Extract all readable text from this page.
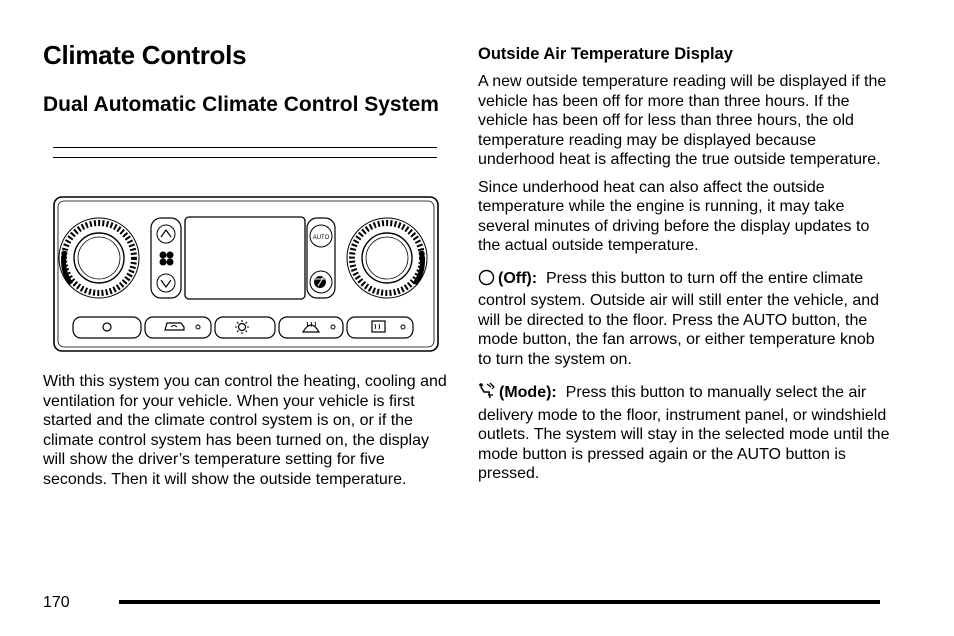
Climate Controls
Dual Automatic Climate Control System
AUTO

With this system you can control the heating, cooling and ventilation for your vehicle. When your vehicle is first started and the climate control system is on, or if the climate control system has been turned on, the display will show the driver’s temperature setting for five seconds. Then it will show the outside temperature.

Outside Air Temperature Display

A new outside temperature reading will be displayed if the vehicle has been off for more than three hours. If the vehicle has been off for less than three hours, the old temperature reading may be displayed because underhood heat is affecting the true outside temperature.

Since underhood heat can also affect the outside temperature while the engine is running, it may take several minutes of driving before the display updates to the actual outside temperature.

(Off): Press this button to turn off the entire climate control system. Outside air will still enter the vehicle, and will be directed to the floor. Press the AUTO button, the mode button, the fan arrows, or either temperature knob to turn the system on.

(Mode): Press this button to manually select the air delivery mode to the floor, instrument panel, or windshield outlets. The system will stay in the selected mode until the mode button is pressed again or the AUTO button is pressed.

170
